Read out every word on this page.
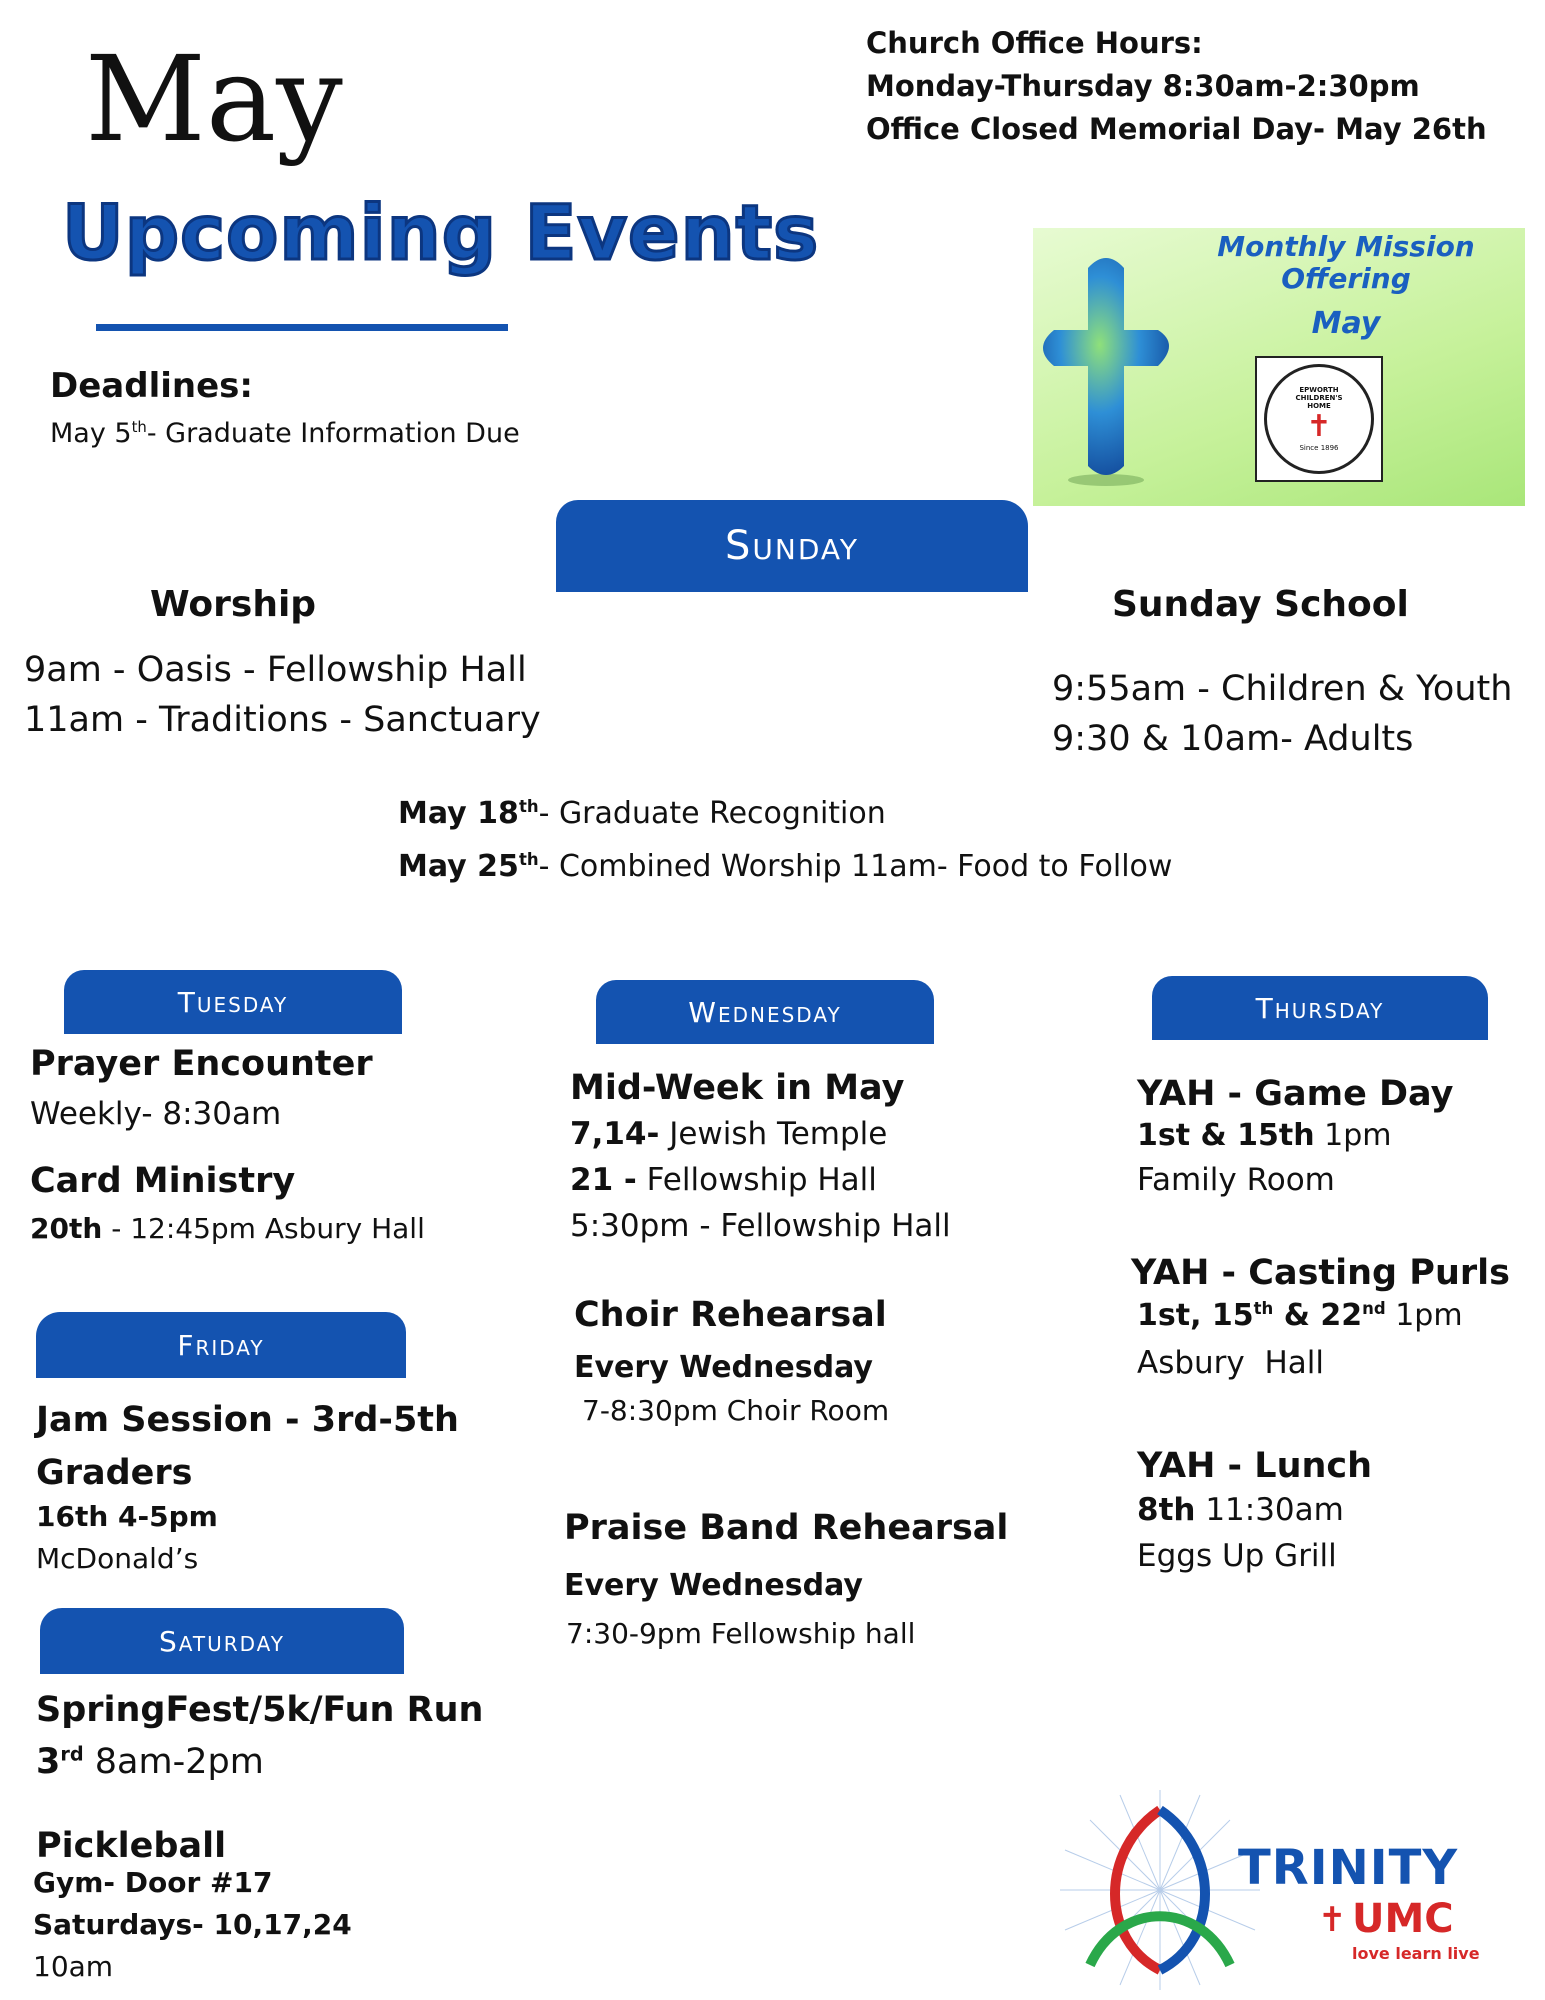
May
Upcoming Events
Church Office Hours:
Monday-Thursday 8:30am-2:30pm
Office Closed Memorial Day- May 26th
Deadlines:
May 5th- Graduate Information Due
Monthly Mission
Offering
May
EPWORTH CHILDREN'S HOME
✝
Since 1896
Sunday
Worship
9am - Oasis - Fellowship Hall
11am - Traditions - Sanctuary
Sunday School
9:55am - Children & Youth
9:30 & 10am- Adults
May 18th- Graduate Recognition
May 25th- Combined Worship 11am- Food to Follow
Tuesday
Prayer Encounter
Weekly- 8:30am
Card Ministry
20th - 12:45pm Asbury Hall
Friday
Jam Session - 3rd-5th
Graders
16th 4-5pm
McDonald’s
Saturday
SpringFest/5k/Fun Run
3rd 8am-2pm
Pickleball
Gym- Door #17
Saturdays- 10,17,24
10am
Wednesday
Mid-Week in May
7,14- Jewish Temple
21 - Fellowship Hall
5:30pm - Fellowship Hall
Choir Rehearsal
Every Wednesday
7-8:30pm Choir Room
Praise Band Rehearsal
Every Wednesday
7:30-9pm Fellowship hall
Thursday
YAH - Game Day
1st & 15th 1pm
Family Room
YAH - Casting Purls
1st, 15th & 22nd 1pm
Asbury  Hall
YAH - Lunch
8th 11:30am
Eggs Up Grill
TRINITY
✝ UMC
love learn live
